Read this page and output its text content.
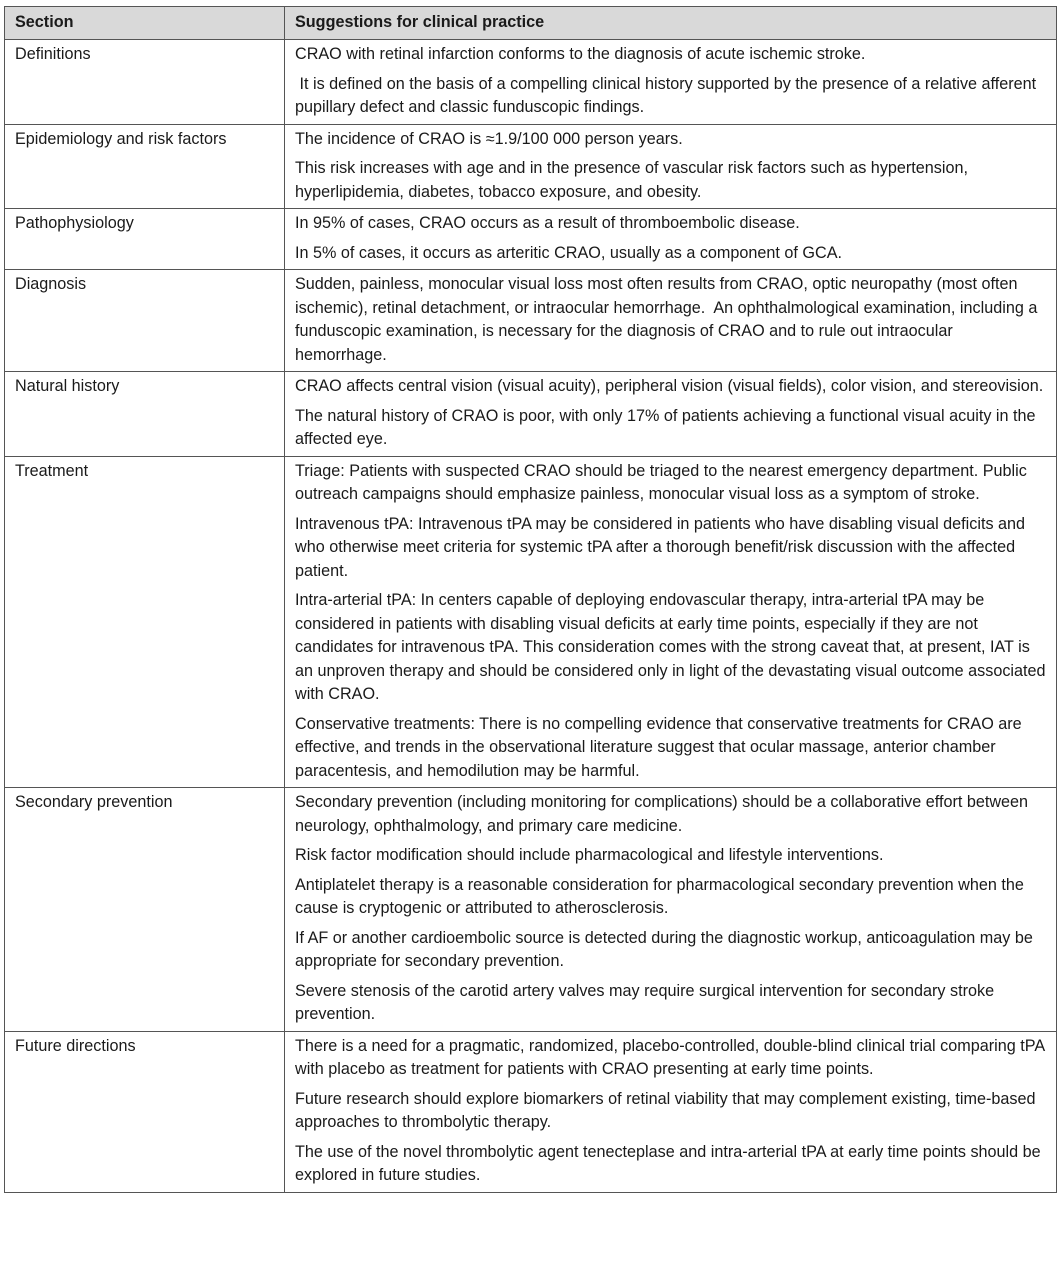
Section	Suggestions for clinical practice
Definitions	CRAO with retinal infarction conforms to the diagnosis of acute ischemic stroke.

It is defined on the basis of a compelling clinical history supported by the presence of a relative afferent pupillary defect and classic funduscopic findings.

Epidemiology and risk factors	The incidence of CRAO is ≈1.9/100 000 person years.

This risk increases with age and in the presence of vascular risk factors such as hypertension, hyperlipidemia, diabetes, tobacco exposure, and obesity.

Pathophysiology	In 95% of cases, CRAO occurs as a result of thromboembolic disease.

In 5% of cases, it occurs as arteritic CRAO, usually as a component of GCA.

Diagnosis	Sudden, painless, monocular visual loss most often results from CRAO, optic neuropathy (most often ischemic), retinal detachment, or intraocular hemorrhage.  An ophthalmological examination, including a funduscopic examination, is necessary for the diagnosis of CRAO and to rule out intraocular hemorrhage.

Natural history	CRAO affects central vision (visual acuity), peripheral vision (visual fields), color vision, and stereovision.

The natural history of CRAO is poor, with only 17% of patients achieving a functional visual acuity in the affected eye.

Treatment	Triage: Patients with suspected CRAO should be triaged to the nearest emergency department. Public outreach campaigns should emphasize painless, monocular visual loss as a symptom of stroke.

Intravenous tPA: Intravenous tPA may be considered in patients who have disabling visual deficits and who otherwise meet criteria for systemic tPA after a thorough benefit/risk discussion with the affected patient.

Intra-arterial tPA: In centers capable of deploying endovascular therapy, intra-arterial tPA may be considered in patients with disabling visual deficits at early time points, especially if they are not candidates for intravenous tPA. This consideration comes with the strong caveat that, at present, IAT is an unproven therapy and should be considered only in light of the devastating visual outcome associated with CRAO.

Conservative treatments: There is no compelling evidence that conservative treatments for CRAO are effective, and trends in the observational literature suggest that ocular massage, anterior chamber paracentesis, and hemodilution may be harmful.

Secondary prevention	Secondary prevention (including monitoring for complications) should be a collaborative effort between neurology, ophthalmology, and primary care medicine.

Risk factor modification should include pharmacological and lifestyle interventions.

Antiplatelet therapy is a reasonable consideration for pharmacological secondary prevention when the cause is cryptogenic or attributed to atherosclerosis.

If AF or another cardioembolic source is detected during the diagnostic workup, anticoagulation may be appropriate for secondary prevention.

Severe stenosis of the carotid artery valves may require surgical intervention for secondary stroke prevention.

Future directions	There is a need for a pragmatic, randomized, placebo-controlled, double-blind clinical trial comparing tPA with placebo as treatment for patients with CRAO presenting at early time points.

Future research should explore biomarkers of retinal viability that may complement existing, time-based approaches to thrombolytic therapy.

The use of the novel thrombolytic agent tenecteplase and intra-arterial tPA at early time points should be explored in future studies.
